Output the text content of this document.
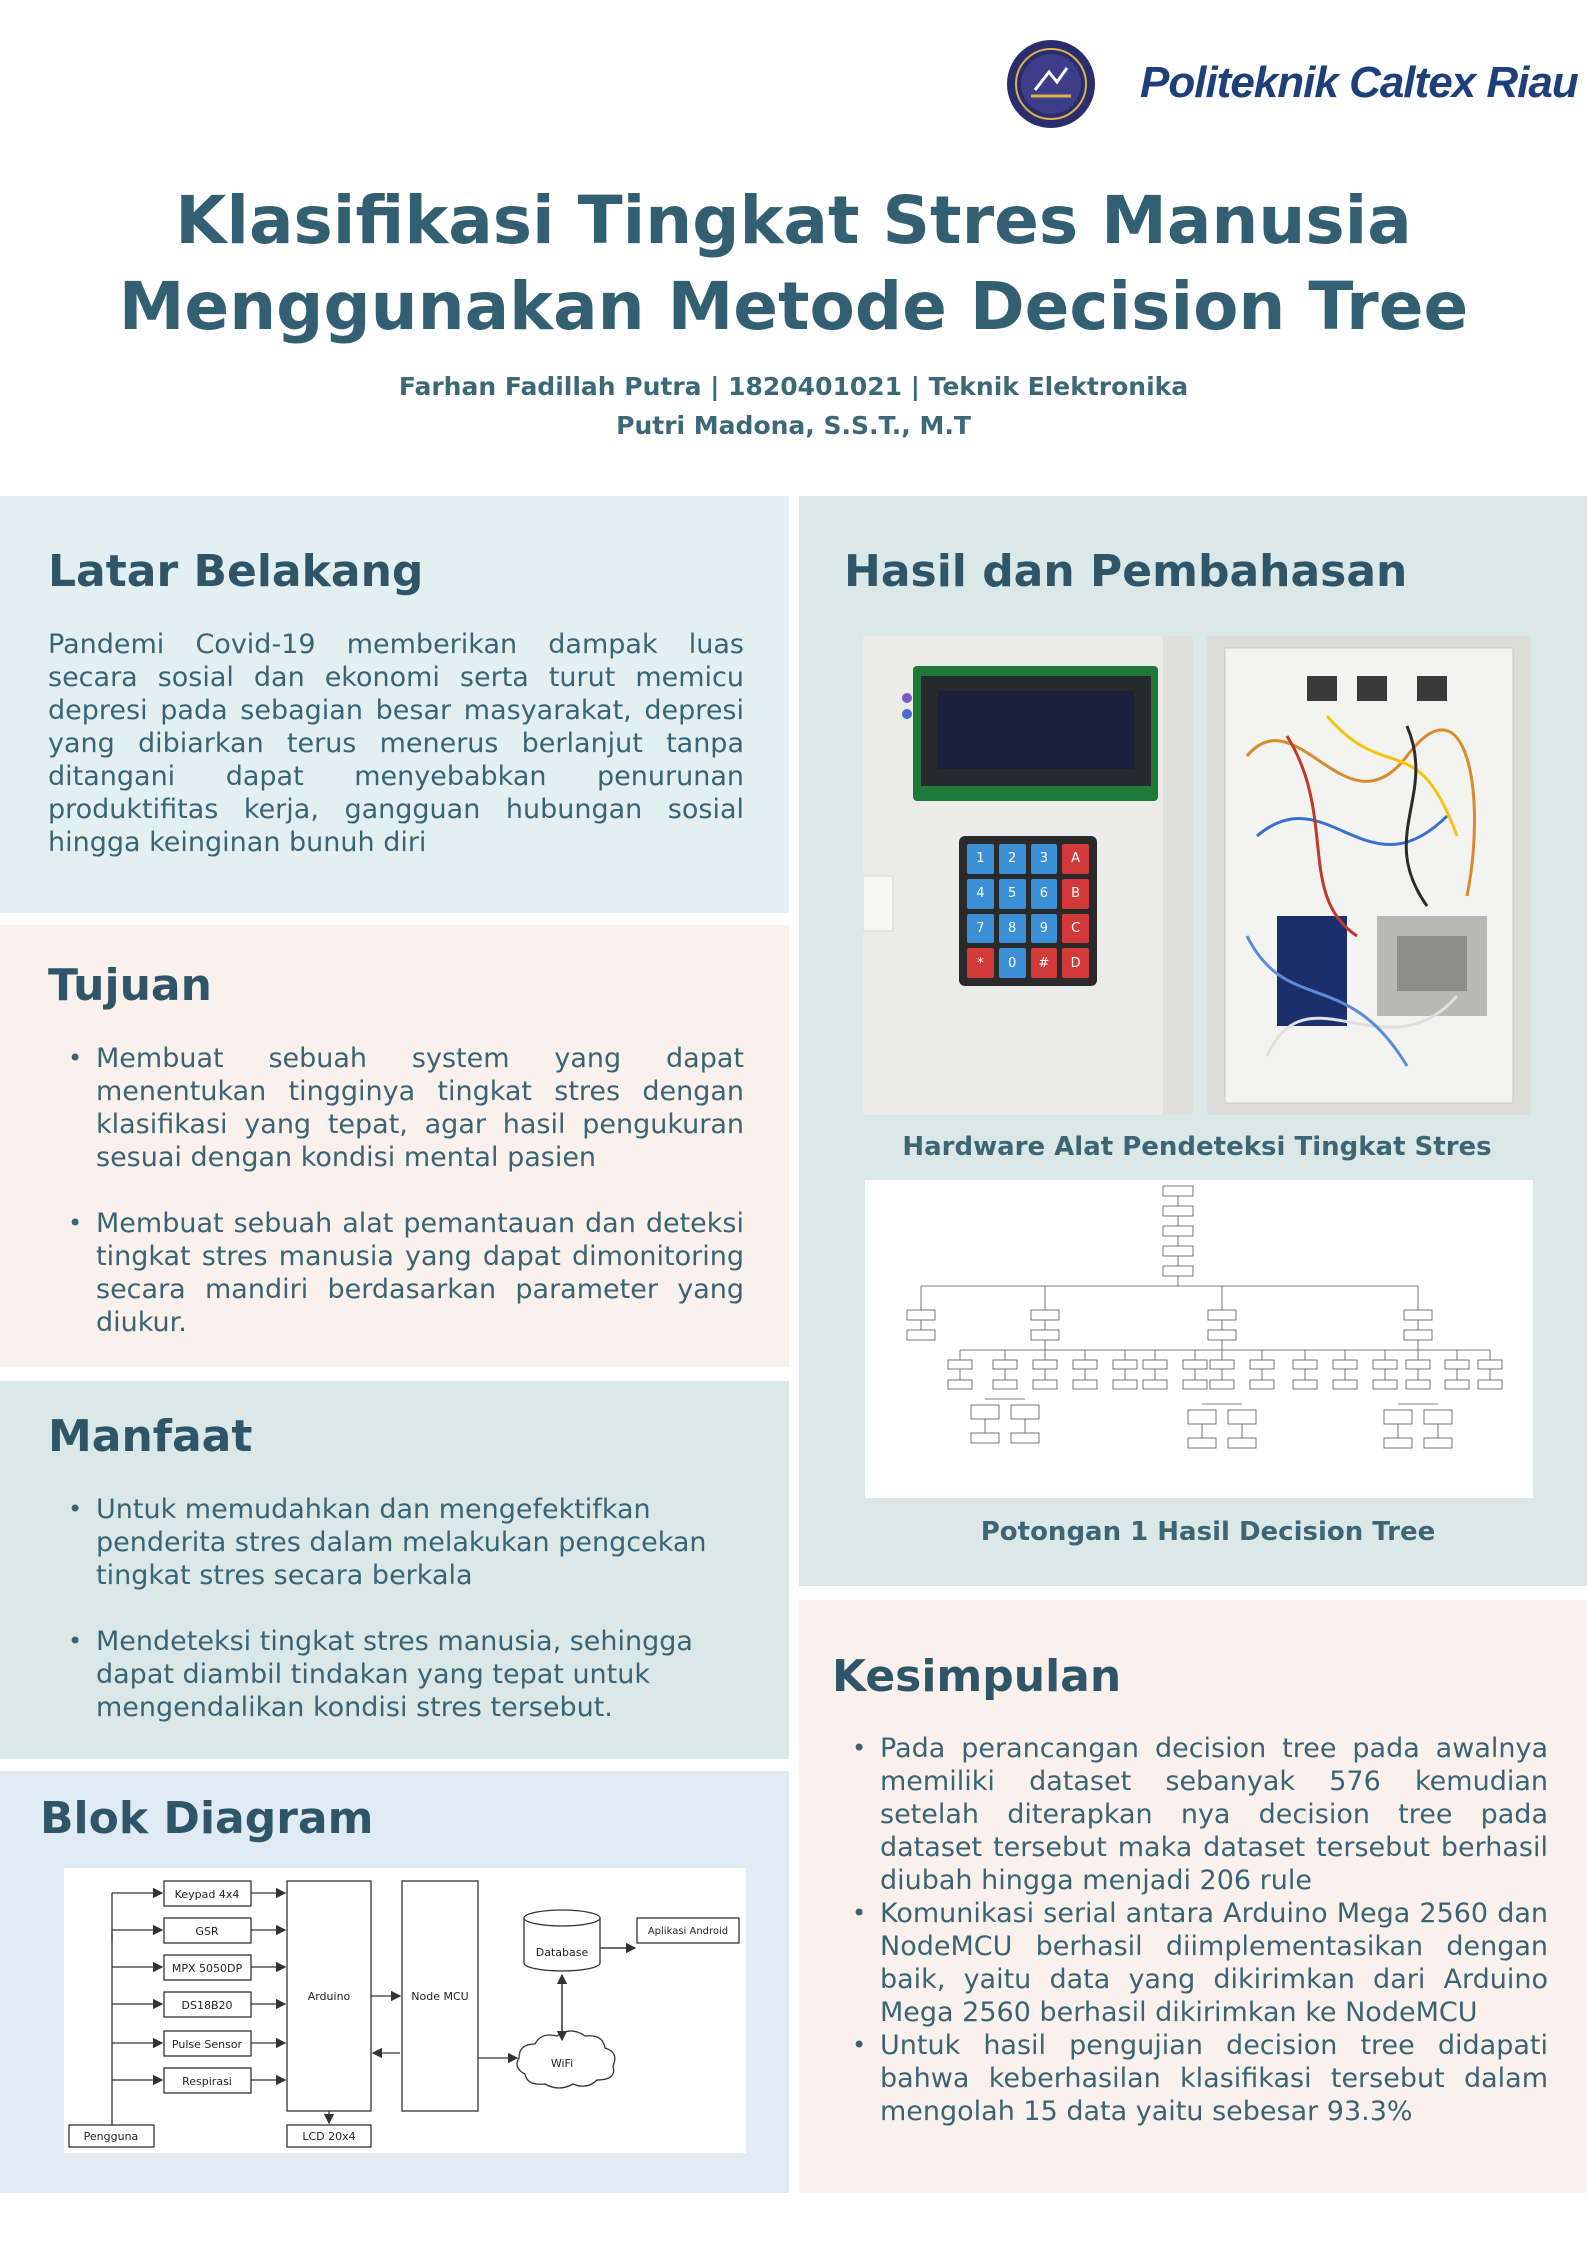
Politeknik Caltex Riau
Klasifikasi Tingkat Stres Manusia
Menggunakan Metode Decision Tree
Farhan Fadillah Putra | 1820401021 | Teknik Elektronika
Putri Madona, S.S.T., M.T
Latar Belakang
Pandemi Covid-19 memberikan dampak luas secara sosial dan ekonomi serta turut memicu depresi pada sebagian besar masyarakat, depresi yang dibiarkan terus menerus berlanjut tanpa ditangani dapat menyebabkan penurunan produktifitas kerja, gangguan hubungan sosial hingga keinginan bunuh diri
Tujuan
• Membuat sebuah system yang dapat menentukan tingginya tingkat stres dengan klasifikasi yang tepat, agar hasil pengukuran sesuai dengan kondisi mental pasien
• Membuat sebuah alat pemantauan dan deteksi tingkat stres manusia yang dapat dimonitoring secara mandiri berdasarkan parameter yang diukur.
Manfaat
• Untuk memudahkan dan mengefektifkan penderita stres dalam melakukan pengcekan tingkat stres secara berkala
• Mendeteksi tingkat stres manusia, sehingga dapat diambil tindakan yang tepat untuk mengendalikan kondisi stres tersebut.
Blok Diagram
Keypad 4x4
GSR
MPX 5050DP
DS18B20
Pulse Sensor
Respirasi
Arduino	Node MCU
LCD 20x4
Pengguna
Database
Aplikasi Android
WiFi
Hasil dan Pembahasan
1	2	3	A
4	5	6	B
7	8	9	C
*	0	#	D
Hardware Alat Pendeteksi Tingkat Stres
Potongan 1 Hasil Decision Tree
Kesimpulan
• Pada perancangan decision tree pada awalnya memiliki dataset sebanyak 576 kemudian setelah diterapkan nya decision tree pada dataset tersebut maka dataset tersebut berhasil diubah hingga menjadi 206 rule
• Komunikasi serial antara Arduino Mega 2560 dan NodeMCU berhasil diimplementasikan dengan baik, yaitu data yang dikirimkan dari Arduino Mega 2560 berhasil dikirimkan ke NodeMCU
• Untuk hasil pengujian decision tree didapati bahwa keberhasilan klasifikasi tersebut dalam mengolah 15 data yaitu sebesar 93.3%
